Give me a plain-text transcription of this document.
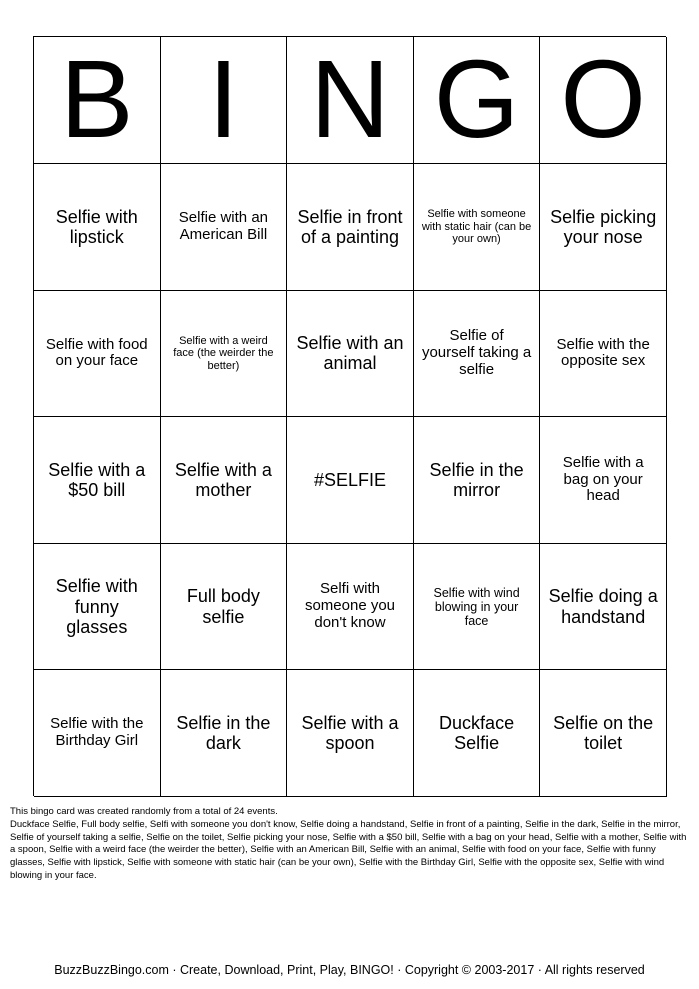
B I N G O
Selfie with lipstick
Selfie with an American Bill
Selfie in front of a painting
Selfie with someone with static hair (can be your own)
Selfie picking your nose
Selfie with food on your face
Selfie with a weird face (the weirder the better)
Selfie with an animal
Selfie of yourself taking a selfie
Selfie with the opposite sex
Selfie with a $50 bill
Selfie with a mother
#SELFIE
Selfie in the mirror
Selfie with a bag on your head
Selfie with funny glasses
Full body selfie
Selfi with someone you don't know
Selfie with wind blowing in your face
Selfie doing a handstand
Selfie with the Birthday Girl
Selfie in the dark
Selfie with a spoon
Duckface Selfie
Selfie on the toilet

This bingo card was created randomly from a total of 24 events.

Duckface Selfie, Full body selfie, Selfi with someone you don't know, Selfie doing a handstand, Selfie in front of a painting, Selfie in the dark, Selfie in the mirror, Selfie of yourself taking a selfie, Selfie on the toilet, Selfie picking your nose, Selfie with a $50 bill, Selfie with a bag on your head, Selfie with a mother, Selfie with a spoon, Selfie with a weird face (the weirder the better), Selfie with an American Bill, Selfie with an animal, Selfie with food on your face, Selfie with funny glasses, Selfie with lipstick, Selfie with someone with static hair (can be your own), Selfie with the Birthday Girl, Selfie with the opposite sex, Selfie with wind blowing in your face.

BuzzBuzzBingo.com · Create, Download, Print, Play, BINGO! · Copyright © 2003-2017 · All rights reserved
